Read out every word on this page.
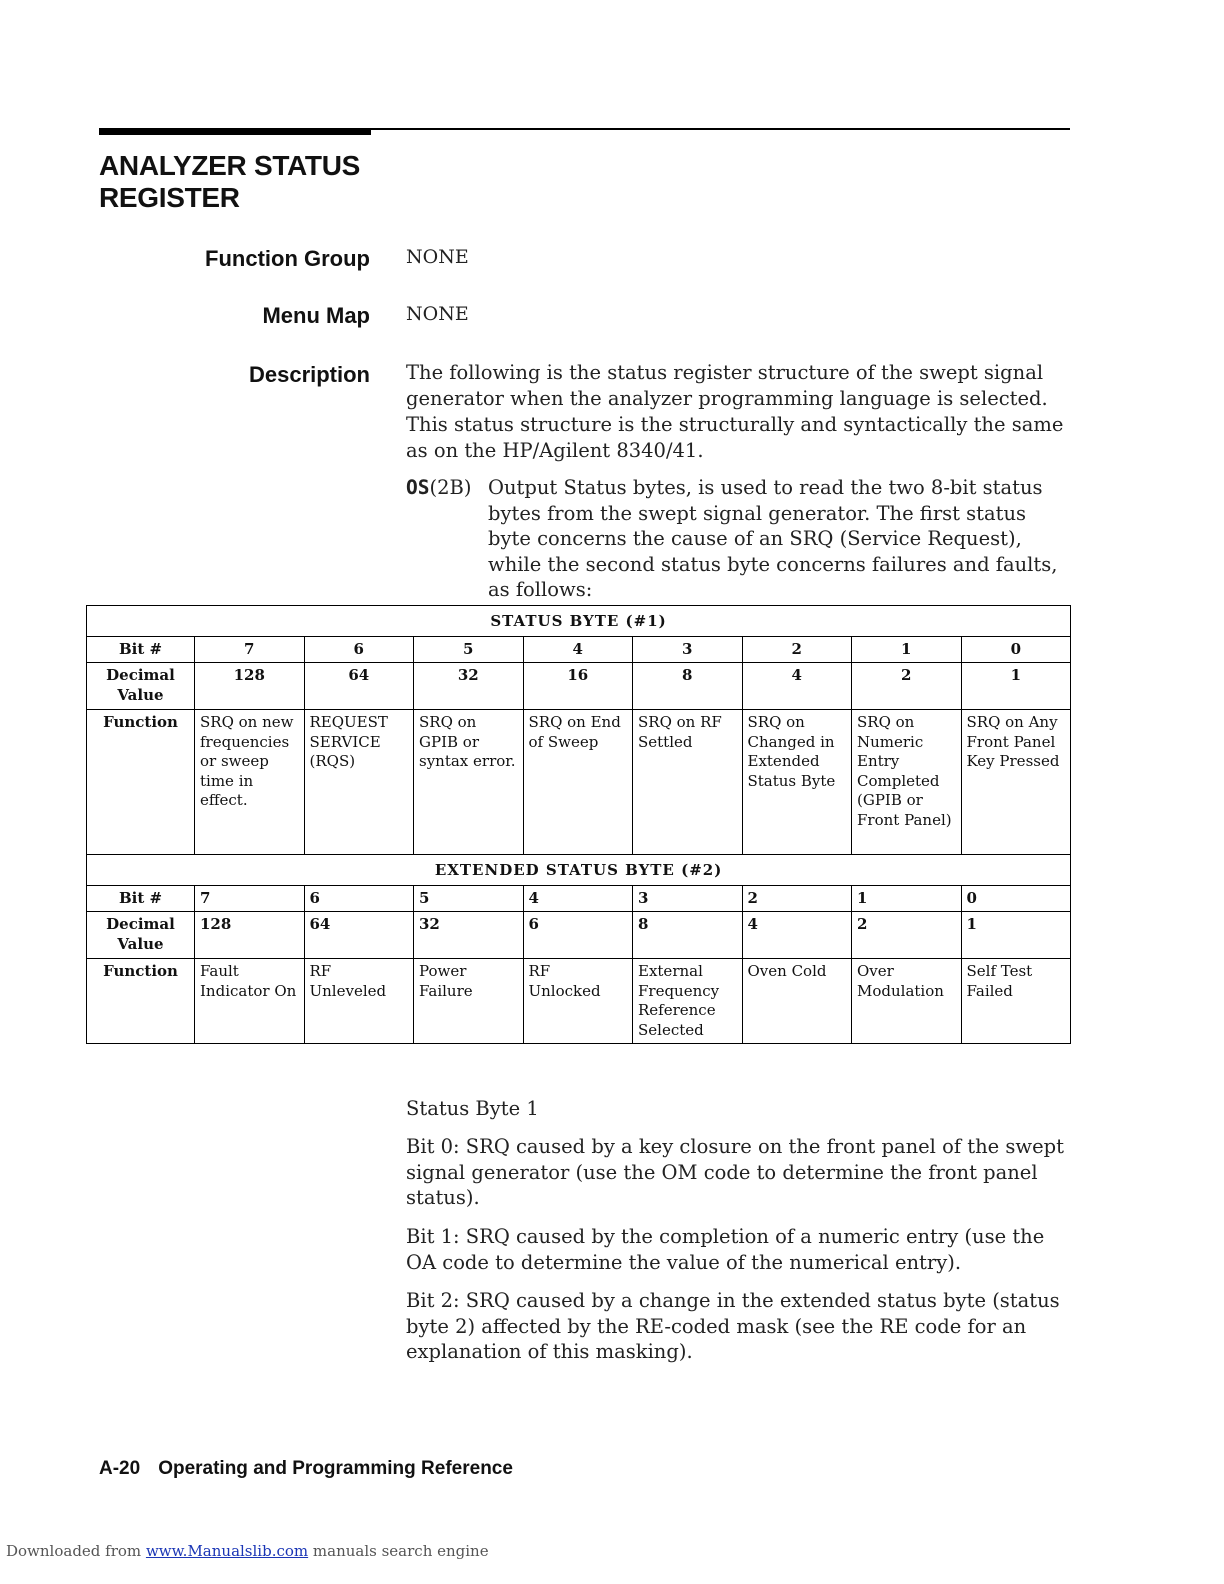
ANALYZER STATUS
REGISTER
Function Group NONE
Menu Map NONE
Description The following is the status register structure of the swept signal generator when the analyzer programming language is selected. This status structure is the structurally and syntactically the same as on the HP/Agilent 8340/41.
OS(2B) Output Status bytes, is used to read the two 8-bit status bytes from the swept signal generator. The first status byte concerns the cause of an SRQ (Service Request), while the second status byte concerns failures and faults, as follows:
STATUS BYTE (#1)								
Bit #	7	6	5	4	3	2	1	0
Decimal Value	128	64	32	16	8	4	2	1
Function	SRQ on new frequencies or sweep time in effect.	REQUEST SERVICE (RQS)	SRQ on GPIB or syntax error.	SRQ on End of Sweep	SRQ on RF Settled	SRQ on Changed in Extended Status Byte	SRQ on Numeric Entry Completed (GPIB or Front Panel)	SRQ on Any Front Panel Key Pressed
EXTENDED STATUS BYTE (#2)								
Bit #	7	6	5	4	3	2	1	0
Decimal Value	128	64	32	6	8	4	2	1
Function	Fault Indicator On	RF Unleveled	Power Failure	RF Unlocked	External Frequency Reference Selected	Oven Cold	Over Modulation	Self Test Failed
Status Byte 1
Bit 0: SRQ caused by a key closure on the front panel of the swept signal generator (use the OM code to determine the front panel status).
Bit 1: SRQ caused by the completion of a numeric entry (use the OA code to determine the value of the numerical entry).
Bit 2: SRQ caused by a change in the extended status byte (status byte 2) affected by the RE-coded mask (see the RE code for an explanation of this masking).
A-20 Operating and Programming Reference
Downloaded from www.Manualslib.com manuals search engine
